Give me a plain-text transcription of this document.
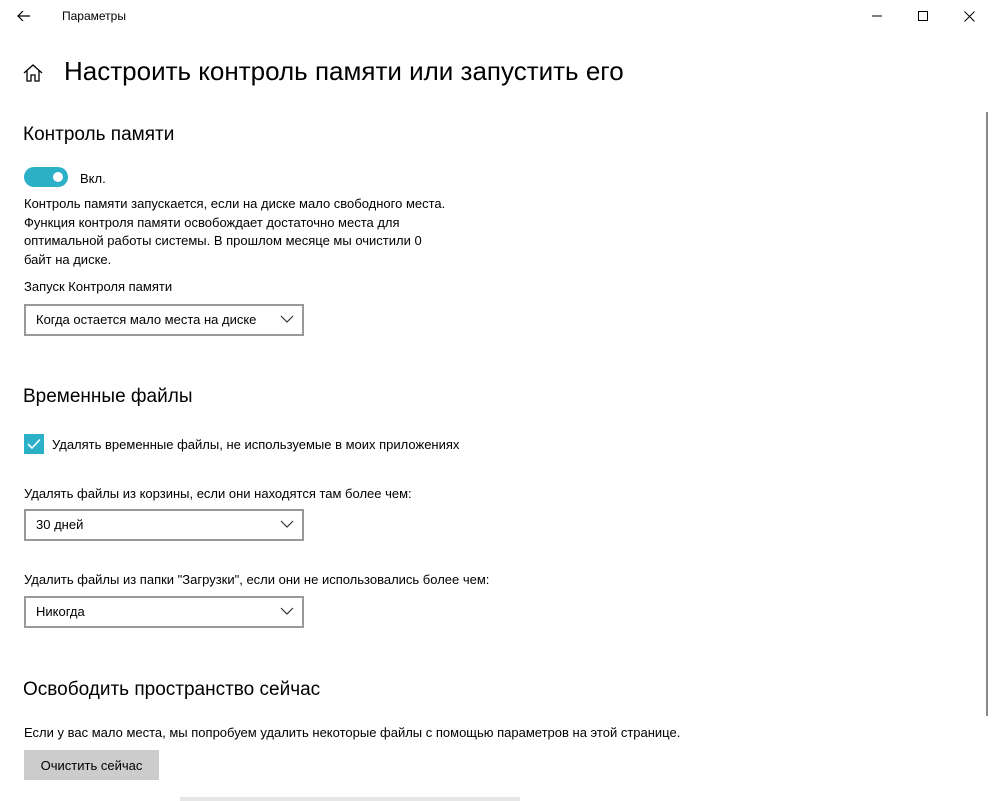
Параметры
Настроить контроль памяти или запустить его
Контроль памяти
Вкл.
Контроль памяти запускается, если на диске мало свободного места.
Функция контроля памяти освобождает достаточно места для
оптимальной работы системы. В прошлом месяце мы очистили 0
байт на диске.
Запуск Контроля памяти
Когда остается мало места на диске
Временные файлы
Удалять временные файлы, не используемые в моих приложениях
Удалять файлы из корзины, если они находятся там более чем:
30 дней
Удалить файлы из папки "Загрузки", если они не использовались более чем:
Никогда
Освободить пространство сейчас
Если у вас мало места, мы попробуем удалить некоторые файлы с помощью параметров на этой странице.
Очистить сейчас
